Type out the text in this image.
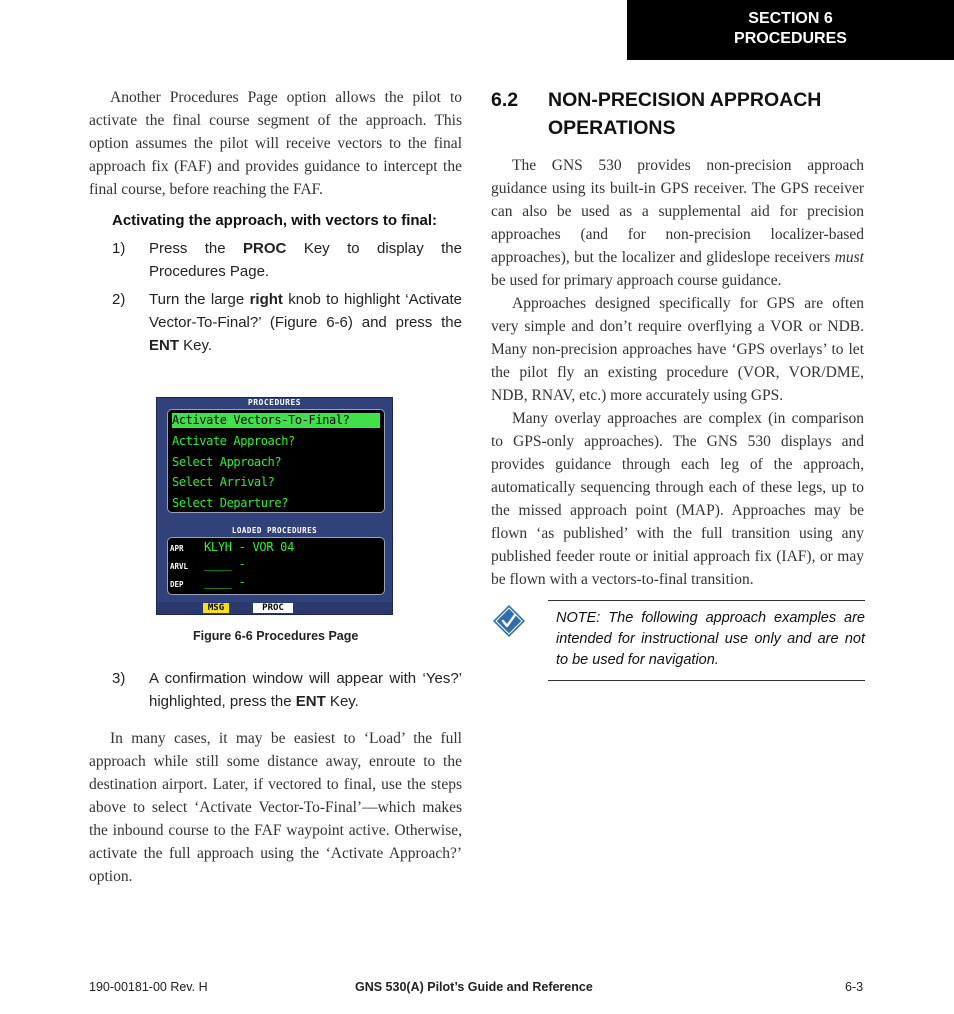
SECTION 6
PROCEDURES

Another Procedures Page option allows the pilot to activate the final course segment of the approach. This option assumes the pilot will receive vectors to the final approach fix (FAF) and provides guidance to intercept the final course, before reaching the FAF.

Activating the approach, with vectors to final:
1) Press the PROC Key to display the Procedures Page.
2) Turn the large right knob to highlight ‘Activate Vector-To-Final?’ (Figure 6-6) and press the ENT Key.
PROCEDURES
Activate Vectors-To-Final?
Activate Approach?
Select Approach?
Select Arrival?
Select Departure?
LOADED PROCEDURES
APR KLYH - VOR 04
ARVL ____ -
DEP ____ -
MSG	PROC
Figure 6-6 Procedures Page
3) A confirmation window will appear with ‘Yes?’ highlighted, press the ENT Key.

In many cases, it may be easiest to ‘Load’ the full approach while still some distance away, enroute to the destination airport. Later, if vectored to final, use the steps above to select ‘Activate Vector-To-Final’—which makes the inbound course to the FAF waypoint active. Otherwise, activate the full approach using the ‘Activate Approach?’ option.

6.2 NON-PRECISION APPROACH OPERATIONS

The GNS 530 provides non-precision approach guidance using its built-in GPS receiver. The GPS receiver can also be used as a supplemental aid for precision approaches (and for non-precision localizer-based approaches), but the localizer and glideslope receivers must be used for primary approach course guidance.

Approaches designed specifically for GPS are often very simple and don’t require overflying a VOR or NDB. Many non-precision approaches have ‘GPS overlays’ to let the pilot fly an existing procedure (VOR, VOR/DME, NDB, RNAV, etc.) more accurately using GPS.

Many overlay approaches are complex (in comparison to GPS-only approaches). The GNS 530 displays and provides guidance through each leg of the approach, automatically sequencing through each of these legs, up to the missed approach point (MAP). Approaches may be flown ‘as published’ with the full transition using any published feeder route or initial approach fix (IAF), or may be flown with a vectors-to-final transition.

NOTE: The following approach examples are intended for instructional use only and are not to be used for navigation.
190-00181-00 Rev. H	GNS 530(A) Pilot’s Guide and Reference	6-3
